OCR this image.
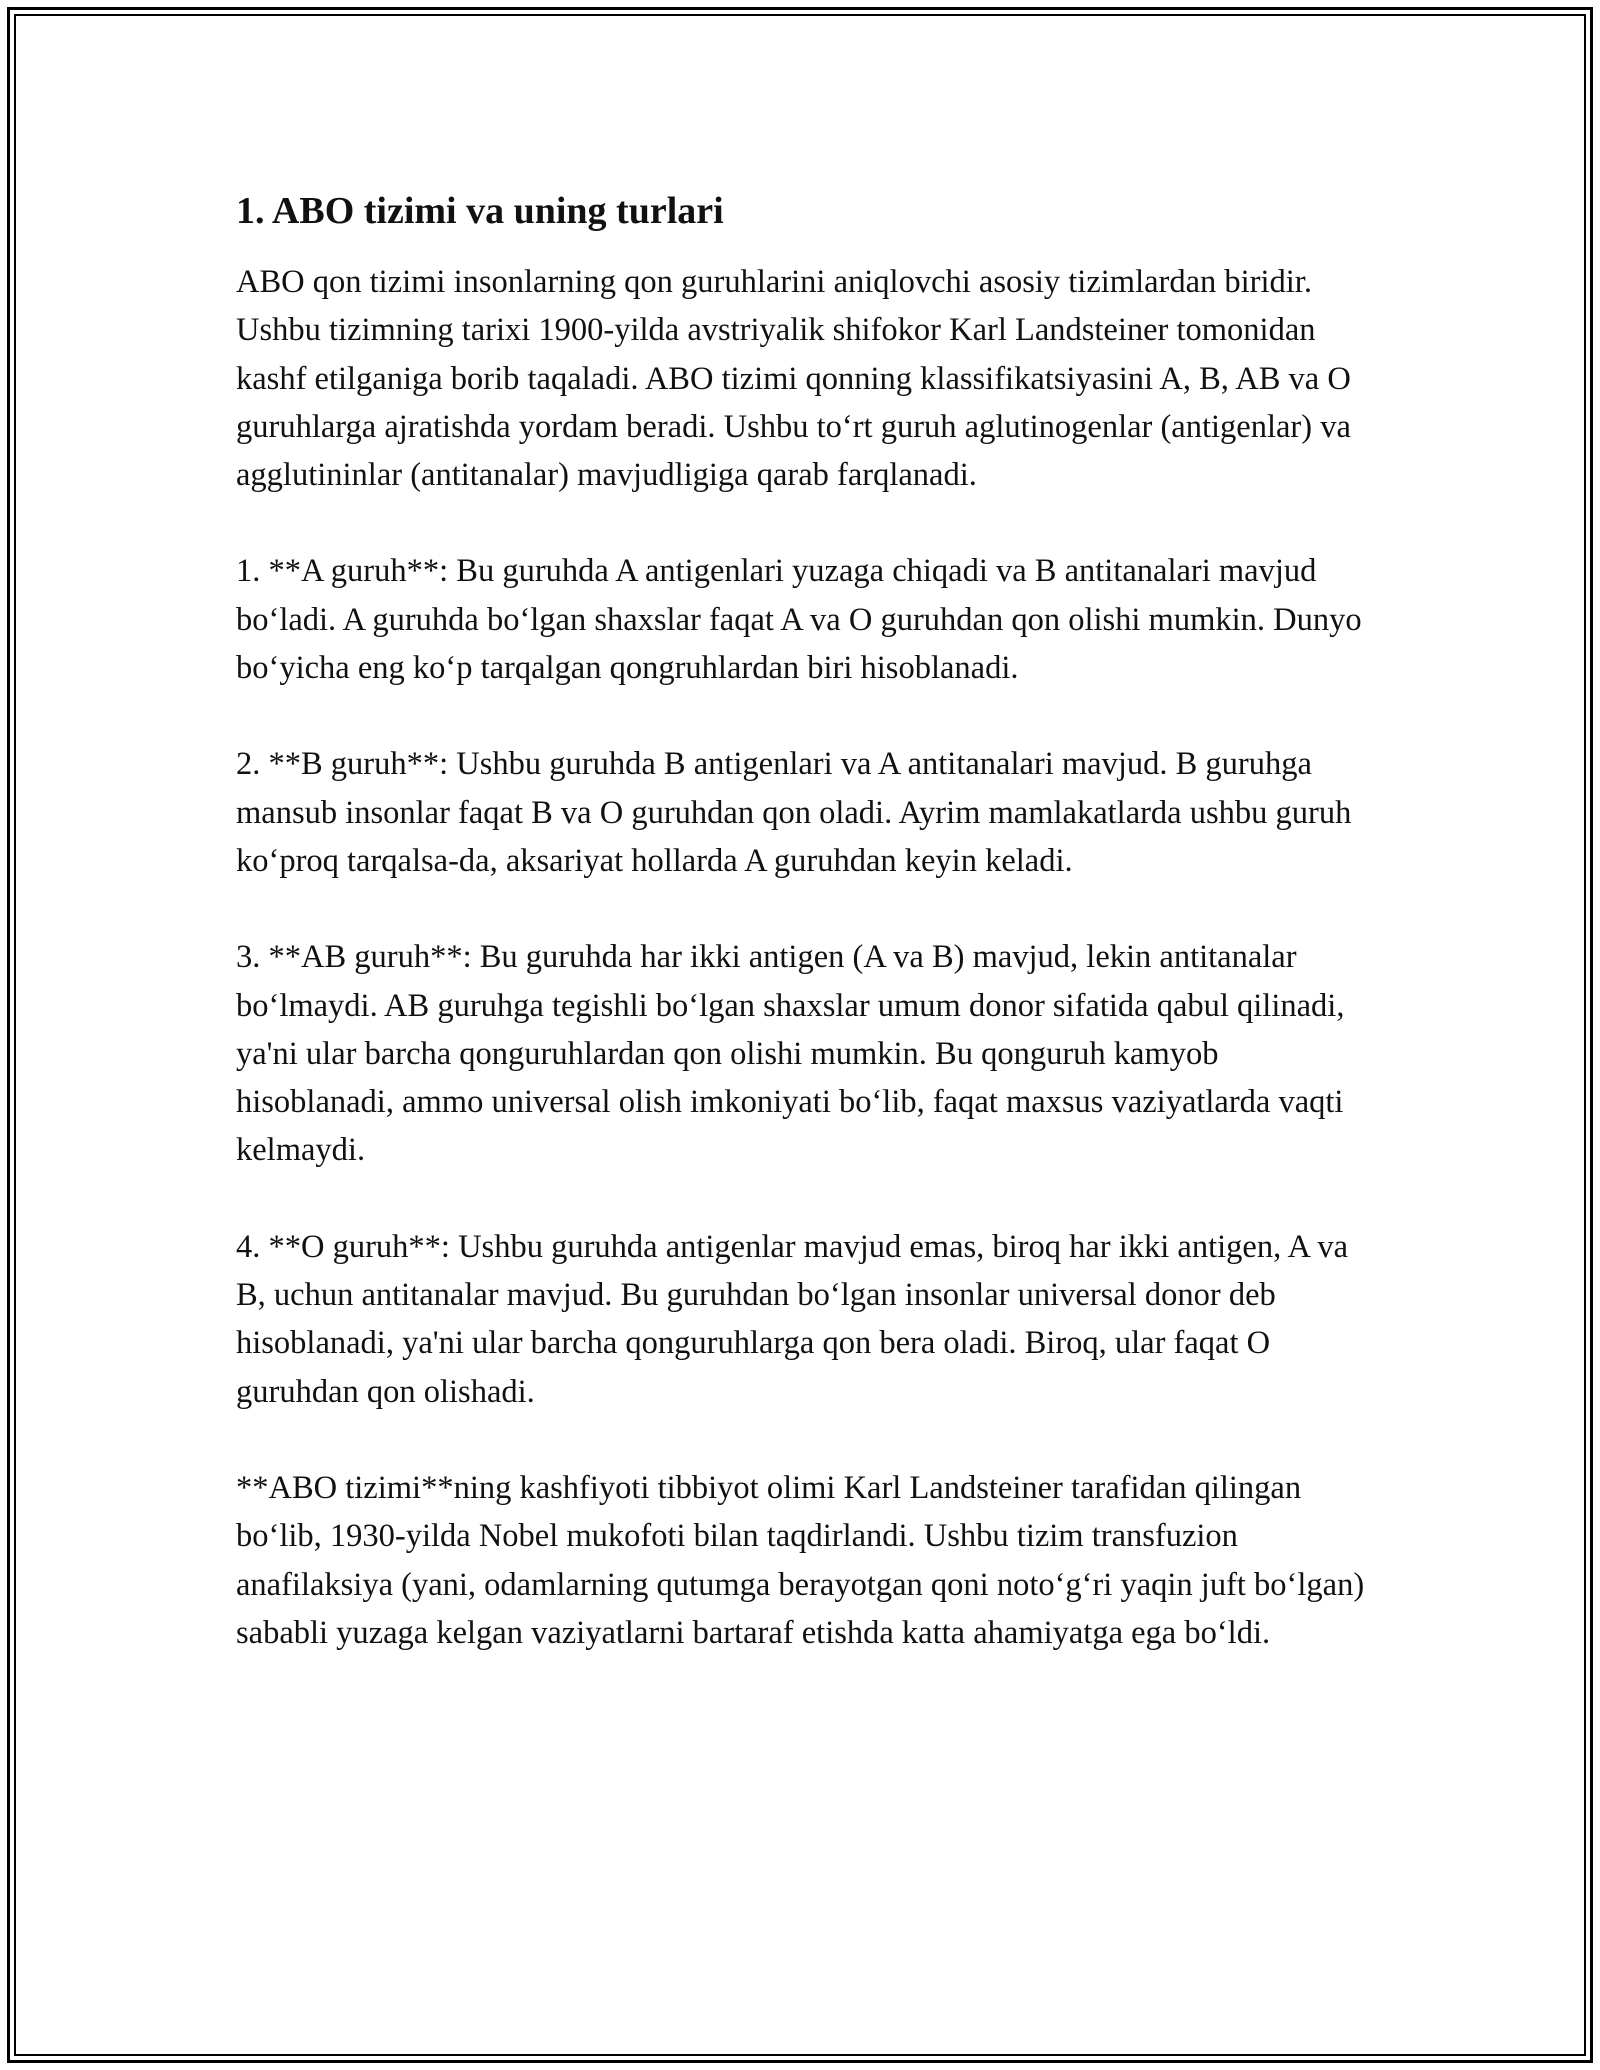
1. ABO tizimi va uning turlari

ABO qon tizimi insonlarning qon guruhlarini aniqlovchi asosiy tizimlardan biridir. Ushbu tizimning tarixi 1900-yilda avstriyalik shifokor Karl Landsteiner tomonidan kashf etilganiga borib taqaladi. ABO tizimi qonning klassifikatsiyasini A, B, AB va O guruhlarga ajratishda yordam beradi. Ushbu to‘rt guruh aglutinogenlar (antigenlar) va agglutininlar (antitanalar) mavjudligiga qarab farqlanadi.

1. **A guruh**: Bu guruhda A antigenlari yuzaga chiqadi va B antitanalari mavjud bo‘ladi. A guruhda bo‘lgan shaxslar faqat A va O guruhdan qon olishi mumkin. Dunyo bo‘yicha eng ko‘p tarqalgan qongruhlardan biri hisoblanadi.

2. **B guruh**: Ushbu guruhda B antigenlari va A antitanalari mavjud. B guruhga mansub insonlar faqat B va O guruhdan qon oladi. Ayrim mamlakatlarda ushbu guruh ko‘proq tarqalsa-da, aksariyat hollarda A guruhdan keyin keladi.

3. **AB guruh**: Bu guruhda har ikki antigen (A va B) mavjud, lekin antitanalar bo‘lmaydi. AB guruhga tegishli bo‘lgan shaxslar umum donor sifatida qabul qilinadi, ya'ni ular barcha qonguruhlardan qon olishi mumkin. Bu qonguruh kamyob hisoblanadi, ammo universal olish imkoniyati bo‘lib, faqat maxsus vaziyatlarda vaqti kelmaydi.

4. **O guruh**: Ushbu guruhda antigenlar mavjud emas, biroq har ikki antigen, A va B, uchun antitanalar mavjud. Bu guruhdan bo‘lgan insonlar universal donor deb hisoblanadi, ya'ni ular barcha qonguruhlarga qon bera oladi. Biroq, ular faqat O guruhdan qon olishadi.

**ABO tizimi**ning kashfiyoti tibbiyot olimi Karl Landsteiner tarafidan qilingan bo‘lib, 1930-yilda Nobel mukofoti bilan taqdirlandi. Ushbu tizim transfuzion anafilaksiya (yani, odamlarning qutumga berayotgan qoni noto‘g‘ri yaqin juft bo‘lgan) sababli yuzaga kelgan vaziyatlarni bartaraf etishda katta ahamiyatga ega bo‘ldi.
